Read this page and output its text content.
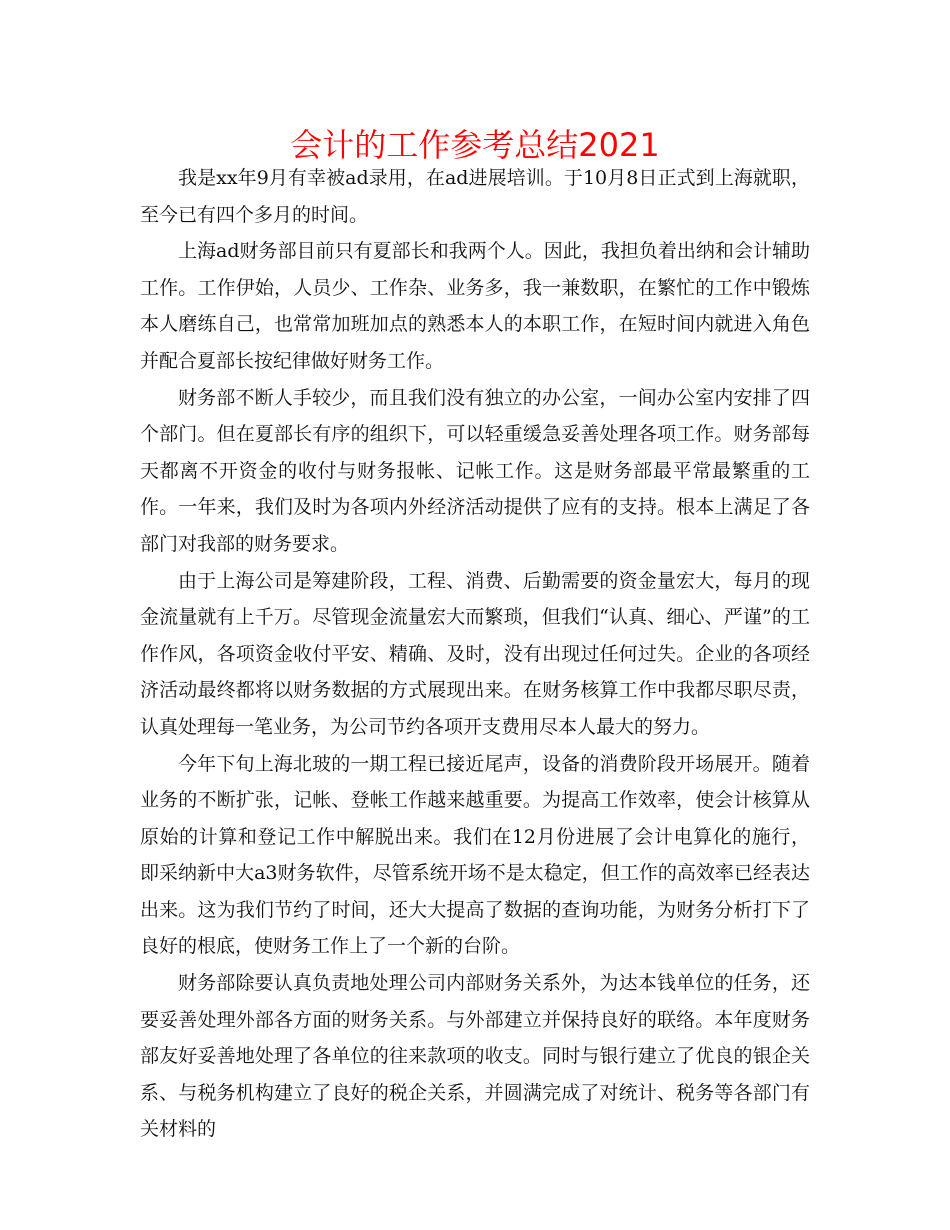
会计的工作参考总结2021

我是xx年9月有幸被ad录用，在ad进展培训。于10月8日正式到上海就职，至今已有四个多月的时间。

上海ad财务部目前只有夏部长和我两个人。因此，我担负着出纳和会计辅助工作。工作伊始，人员少、工作杂、业务多，我一兼数职，在繁忙的工作中锻炼本人磨练自己，也常常加班加点的熟悉本人的本职工作，在短时间内就进入角色并配合夏部长按纪律做好财务工作。

财务部不断人手较少，而且我们没有独立的办公室，一间办公室内安排了四个部门。但在夏部长有序的组织下，可以轻重缓急妥善处理各项工作。财务部每天都离不开资金的收付与财务报帐、记帐工作。这是财务部最平常最繁重的工作。一年来，我们及时为各项内外经济活动提供了应有的支持。根本上满足了各部门对我部的财务要求。

由于上海公司是筹建阶段，工程、消费、后勤需要的资金量宏大，每月的现金流量就有上千万。尽管现金流量宏大而繁琐，但我们“认真、细心、严谨”的工作作风，各项资金收付平安、精确、及时，没有出现过任何过失。企业的各项经济活动最终都将以财务数据的方式展现出来。在财务核算工作中我都尽职尽责，认真处理每一笔业务，为公司节约各项开支费用尽本人最大的努力。

今年下旬上海北玻的一期工程已接近尾声，设备的消费阶段开场展开。随着业务的不断扩张，记帐、登帐工作越来越重要。为提高工作效率，使会计核算从原始的计算和登记工作中解脱出来。我们在12月份进展了会计电算化的施行，即采纳新中大a3财务软件，尽管系统开场不是太稳定，但工作的高效率已经表达出来。这为我们节约了时间，还大大提高了数据的查询功能，为财务分析打下了良好的根底，使财务工作上了一个新的台阶。

财务部除要认真负责地处理公司内部财务关系外，为达本钱单位的任务，还要妥善处理外部各方面的财务关系。与外部建立并保持良好的联络。本年度财务部友好妥善地处理了各单位的往来款项的收支。同时与银行建立了优良的银企关系、与税务机构建立了良好的税企关系，并圆满完成了对统计、税务等各部门有关材料的
